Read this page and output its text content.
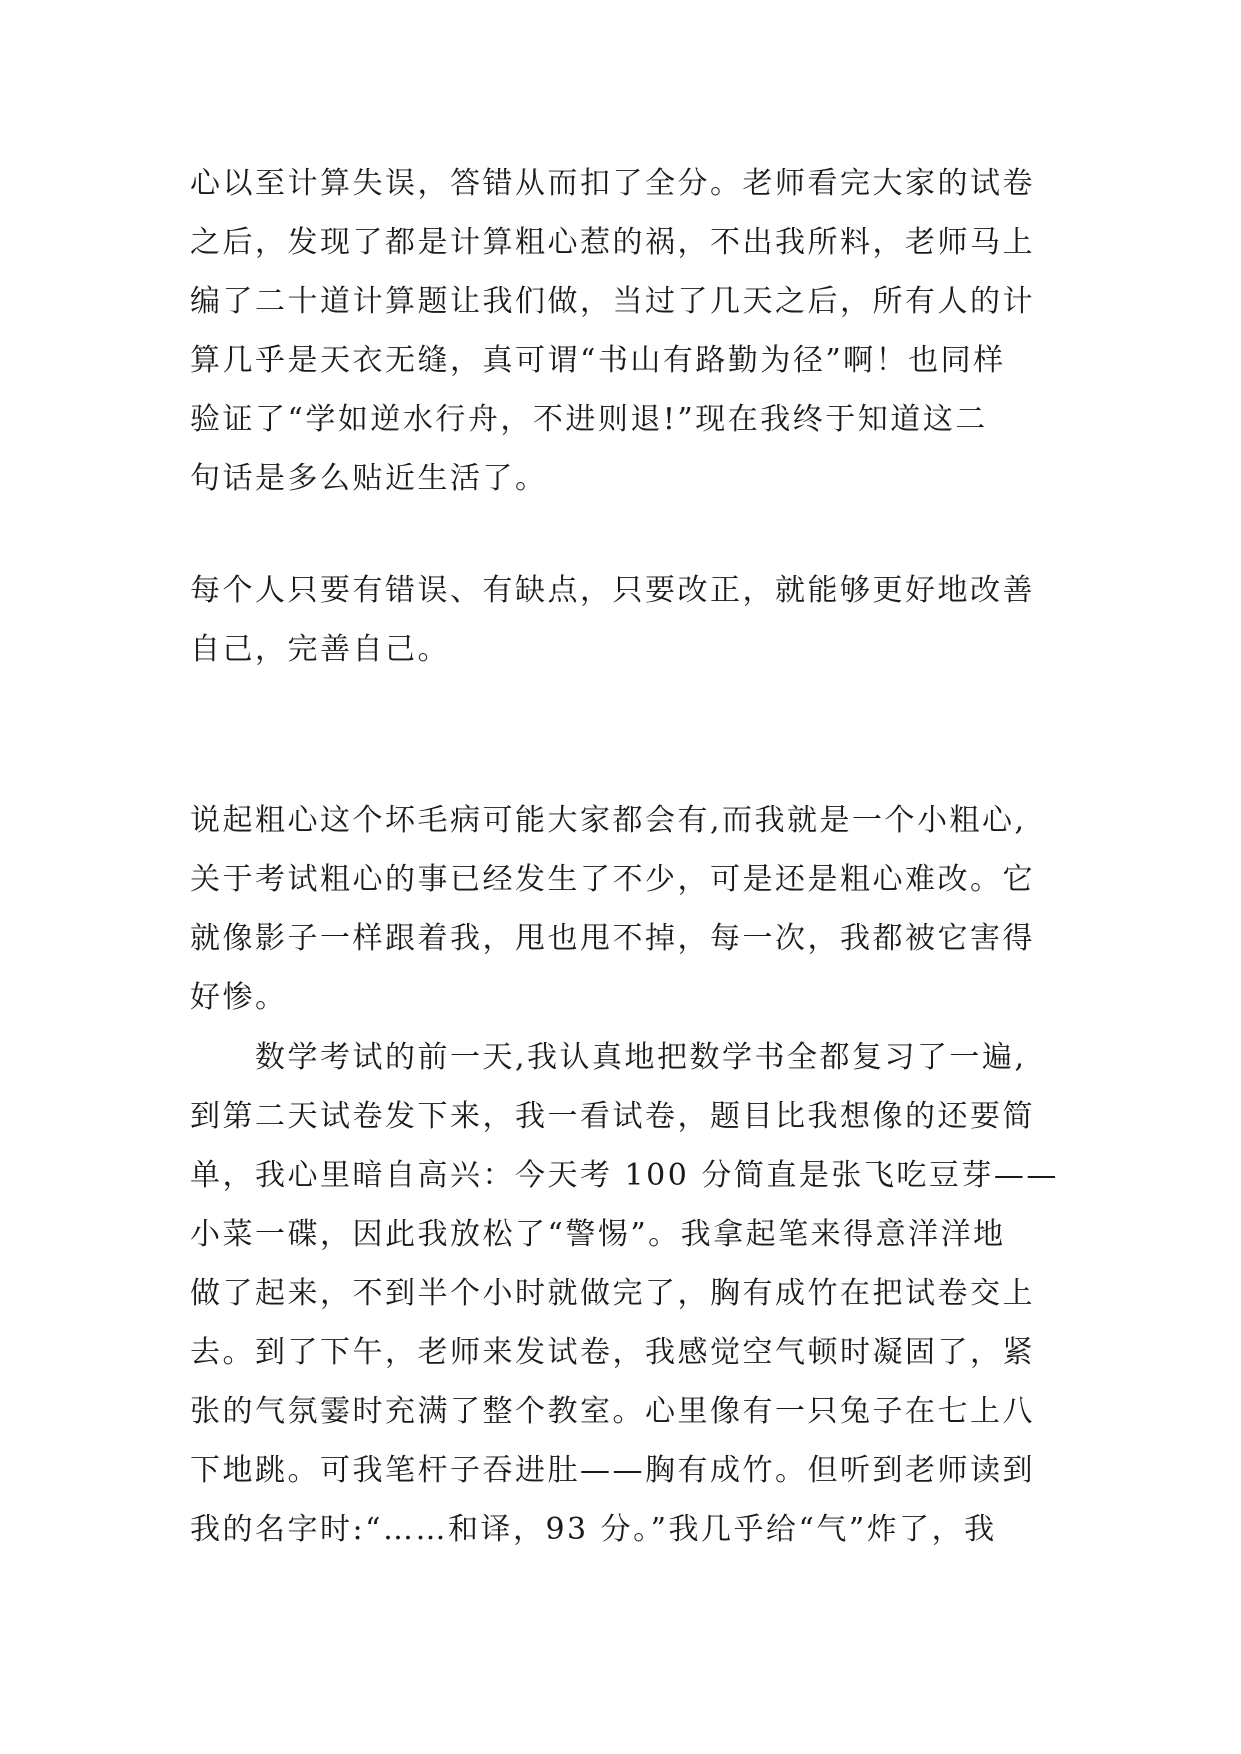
心以至计算失误，答错从而扣了全分。老师看完大家的试卷
之后，发现了都是计算粗心惹的祸，不出我所料，老师马上
编了二十道计算题让我们做，当过了几天之后，所有人的计
算几乎是天衣无缝，真可谓“书山有路勤为径”啊！也同样
验证了“学如逆水行舟，不进则退!”现在我终于知道这二
句话是多么贴近生活了。
每个人只要有错误、有缺点，只要改正，就能够更好地改善
自己，完善自己。
说起粗心这个坏毛病可能大家都会有,而我就是一个小粗心,
关于考试粗心的事已经发生了不少，可是还是粗心难改。它
就像影子一样跟着我，甩也甩不掉，每一次，我都被它害得
好惨。
　　数学考试的前一天,我认真地把数学书全都复习了一遍,
到第二天试卷发下来，我一看试卷，题目比我想像的还要简
单，我心里暗自高兴：今天考 100 分简直是张飞吃豆芽——
小菜一碟，因此我放松了“警惕”。我拿起笔来得意洋洋地
做了起来，不到半个小时就做完了，胸有成竹在把试卷交上
去。到了下午，老师来发试卷，我感觉空气顿时凝固了，紧
张的气氛霎时充满了整个教室。心里像有一只兔子在七上八
下地跳。可我笔杆子吞进肚——胸有成竹。但听到老师读到
我的名字时:“……和译，93 分。”我几乎给“气”炸了，我
